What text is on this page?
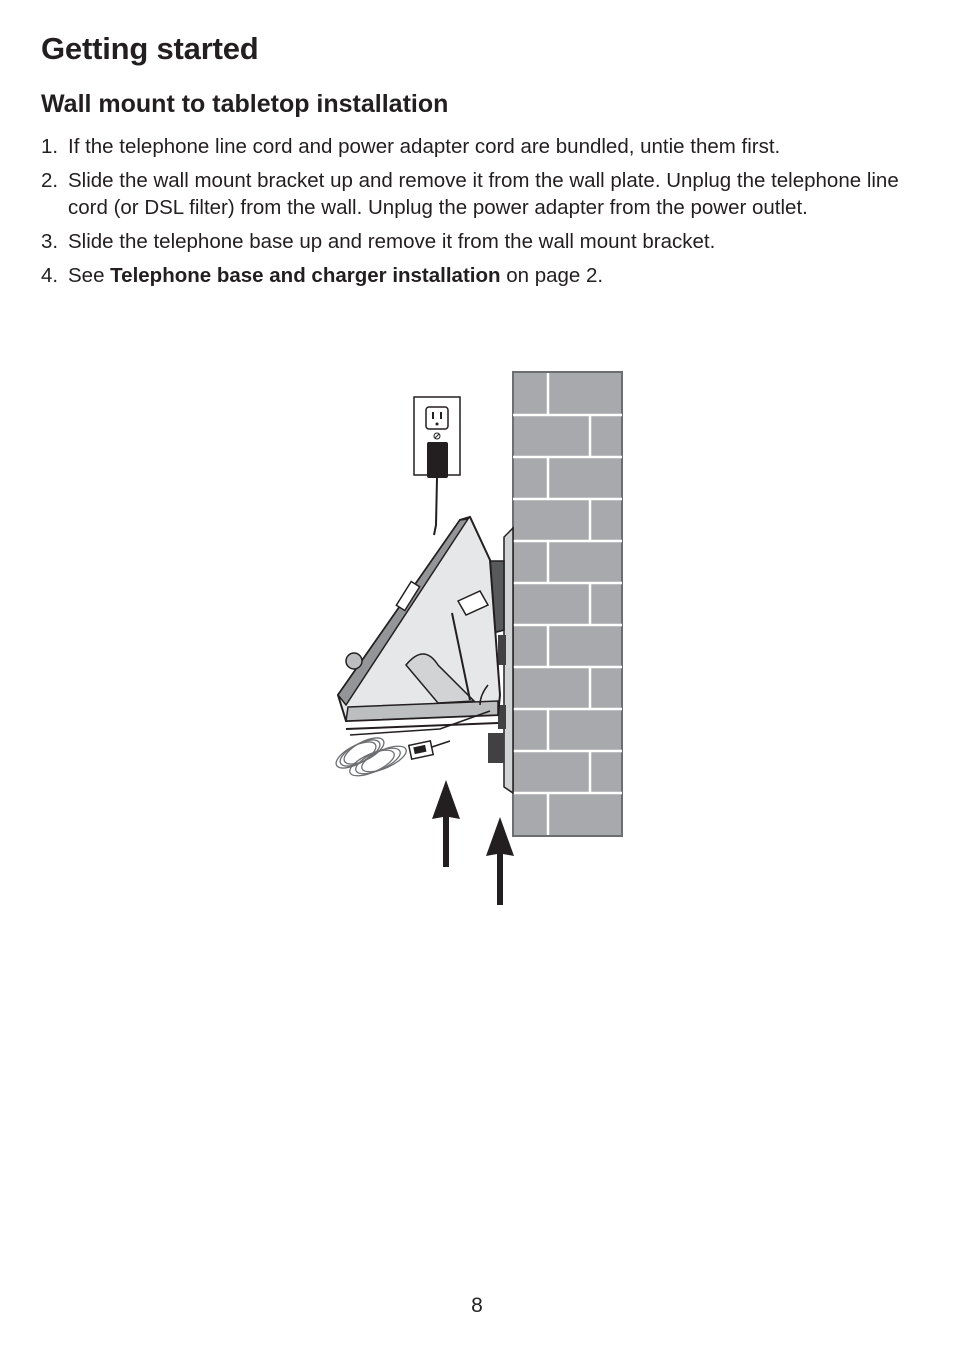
Getting started
Wall mount to tabletop installation
1. If the telephone line cord and power adapter cord are bundled, untie them first.
2. Slide the wall mount bracket up and remove it from the wall plate. Unplug the telephone line cord (or DSL filter) from the wall. Unplug the power adapter from the power outlet.
3. Slide the telephone base up and remove it from the wall mount bracket.
4. See Telephone base and charger installation on page 2.
8
